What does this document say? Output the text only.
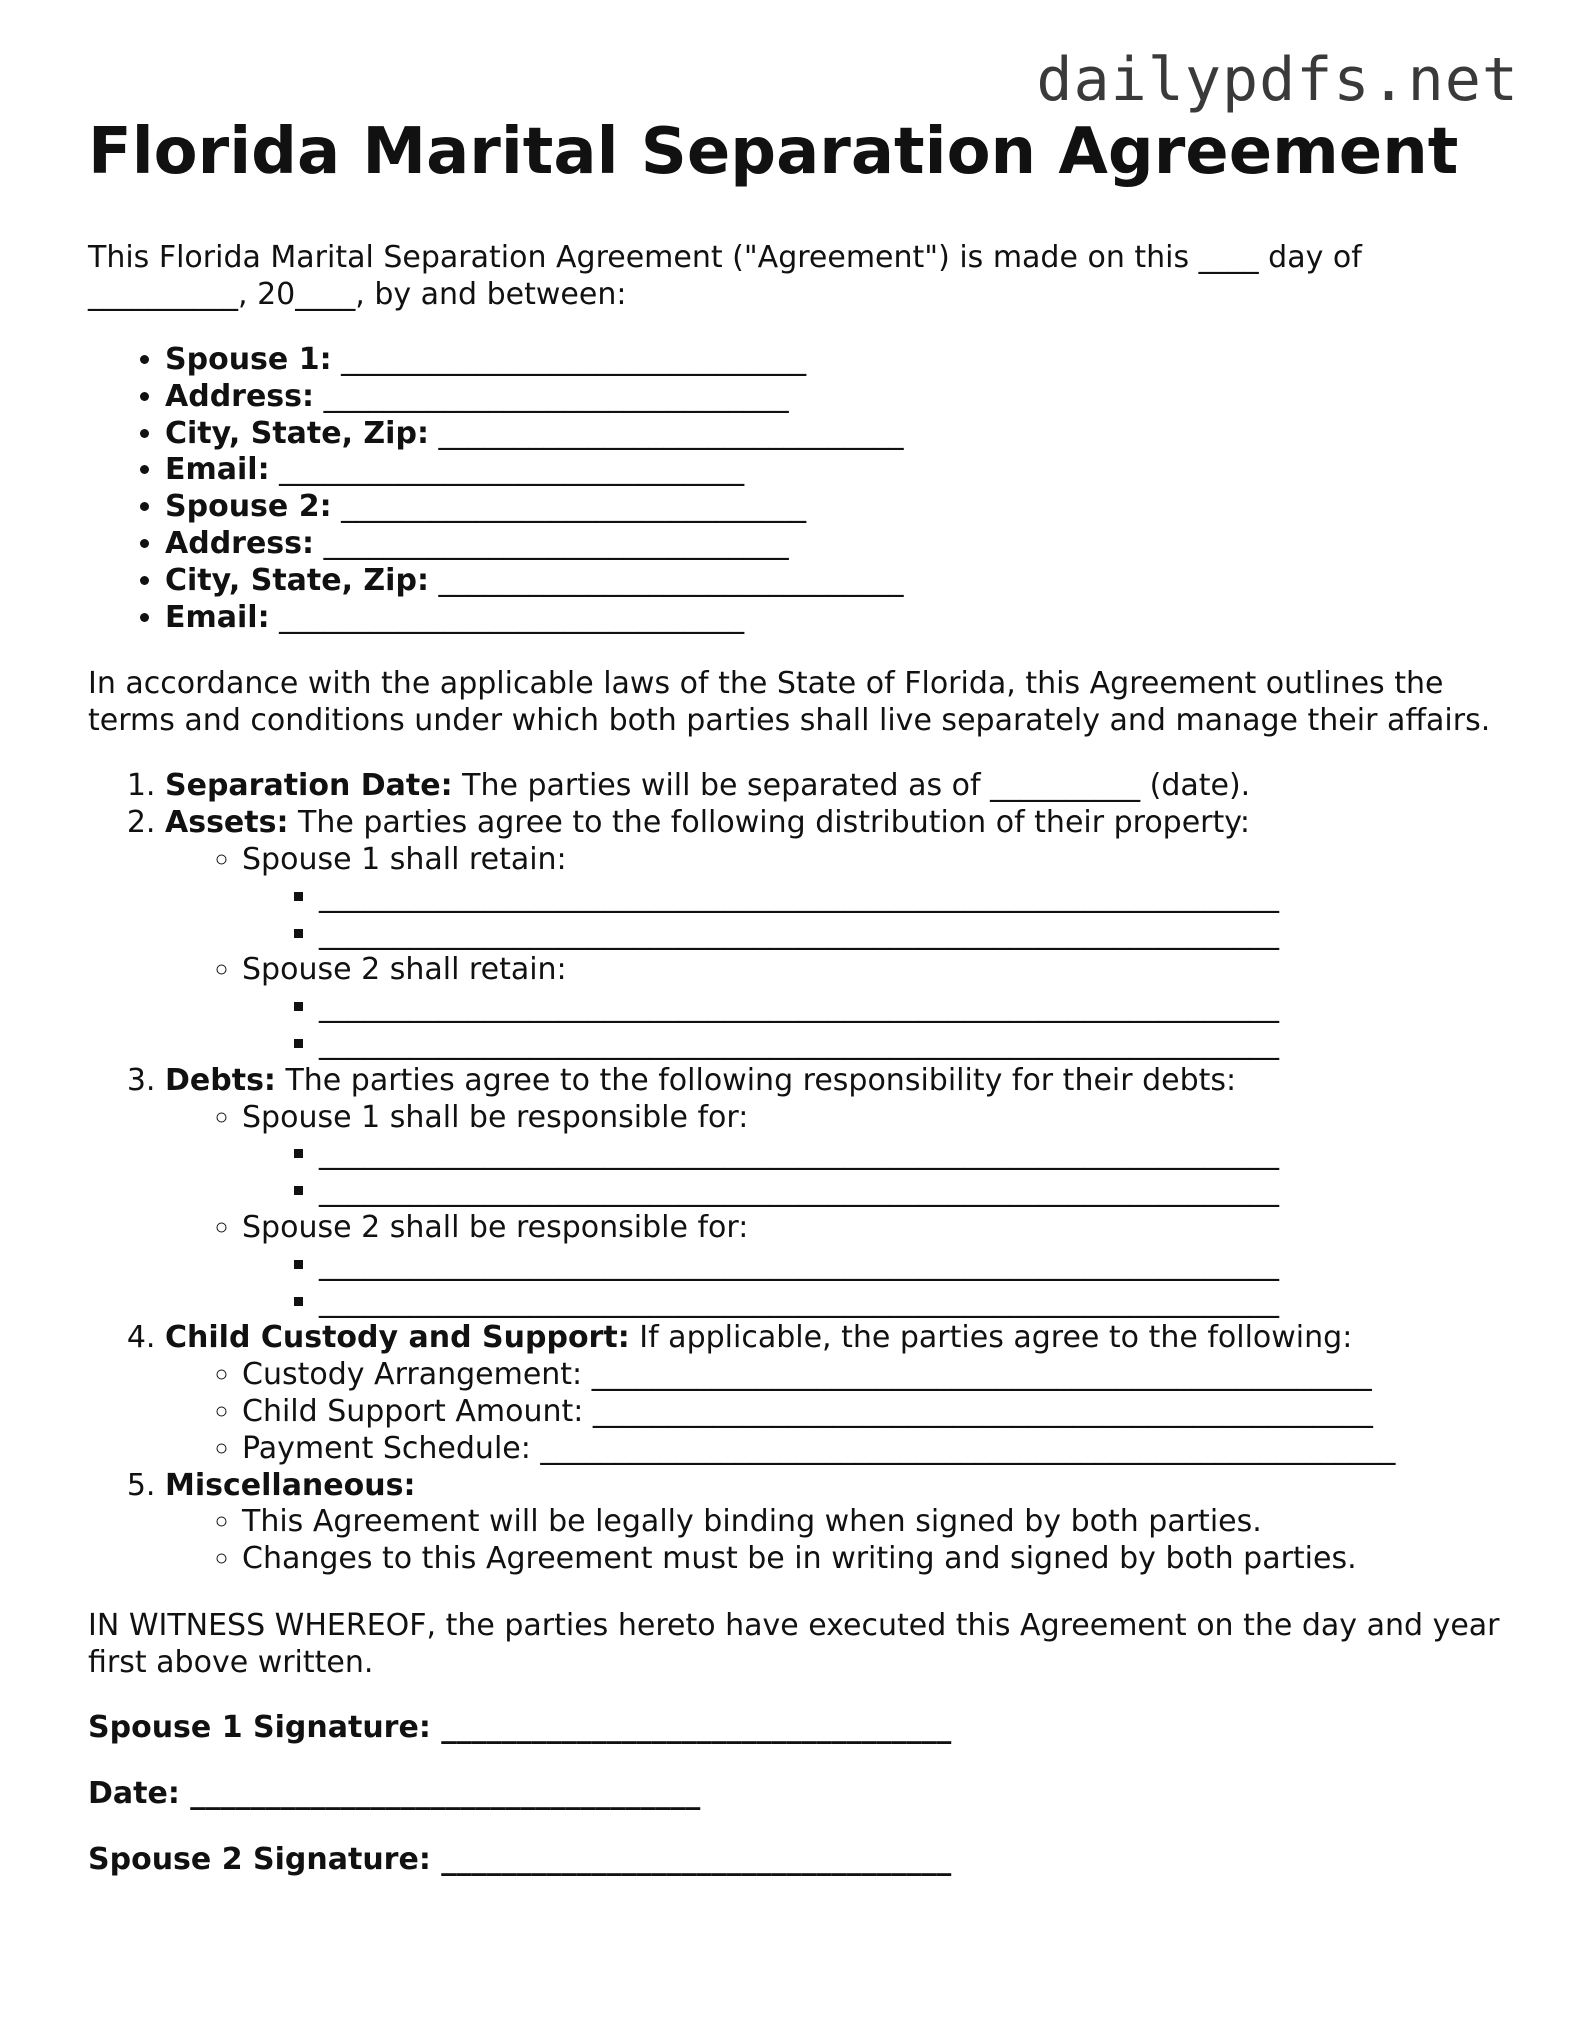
dailypdfs.net
Florida Marital Separation Agreement

This Florida Marital Separation Agreement ("Agreement") is made on this ____ day of __________, 20____, by and between:

• Spouse 1: _______________________________
• Address: _______________________________
• City, State, Zip: _______________________________
• Email: _______________________________
• Spouse 2: _______________________________
• Address: _______________________________
• City, State, Zip: _______________________________
• Email: _______________________________

In accordance with the applicable laws of the State of Florida, this Agreement outlines the terms and conditions under which both parties shall live separately and manage their affairs.

1. Separation Date: The parties will be separated as of __________ (date).
2. Assets: The parties agree to the following distribution of their property:
◦ Spouse 1 shall retain:
▪ ________________________________________________________________
▪ ________________________________________________________________
◦ Spouse 2 shall retain:
▪ ________________________________________________________________
▪ ________________________________________________________________
3. Debts: The parties agree to the following responsibility for their debts:
◦ Spouse 1 shall be responsible for:
▪ ________________________________________________________________
▪ ________________________________________________________________
◦ Spouse 2 shall be responsible for:
▪ ________________________________________________________________
▪ ________________________________________________________________
4. Child Custody and Support: If applicable, the parties agree to the following:
◦ Custody Arrangement: ____________________________________________________
◦ Child Support Amount: ____________________________________________________
◦ Payment Schedule: _________________________________________________________
5. Miscellaneous:
◦ This Agreement will be legally binding when signed by both parties.
◦ Changes to this Agreement must be in writing and signed by both parties.

IN WITNESS WHEREOF, the parties hereto have executed this Agreement on the day and year first above written.

Spouse 1 Signature: __________________________________
Date: __________________________________
Spouse 2 Signature: __________________________________
